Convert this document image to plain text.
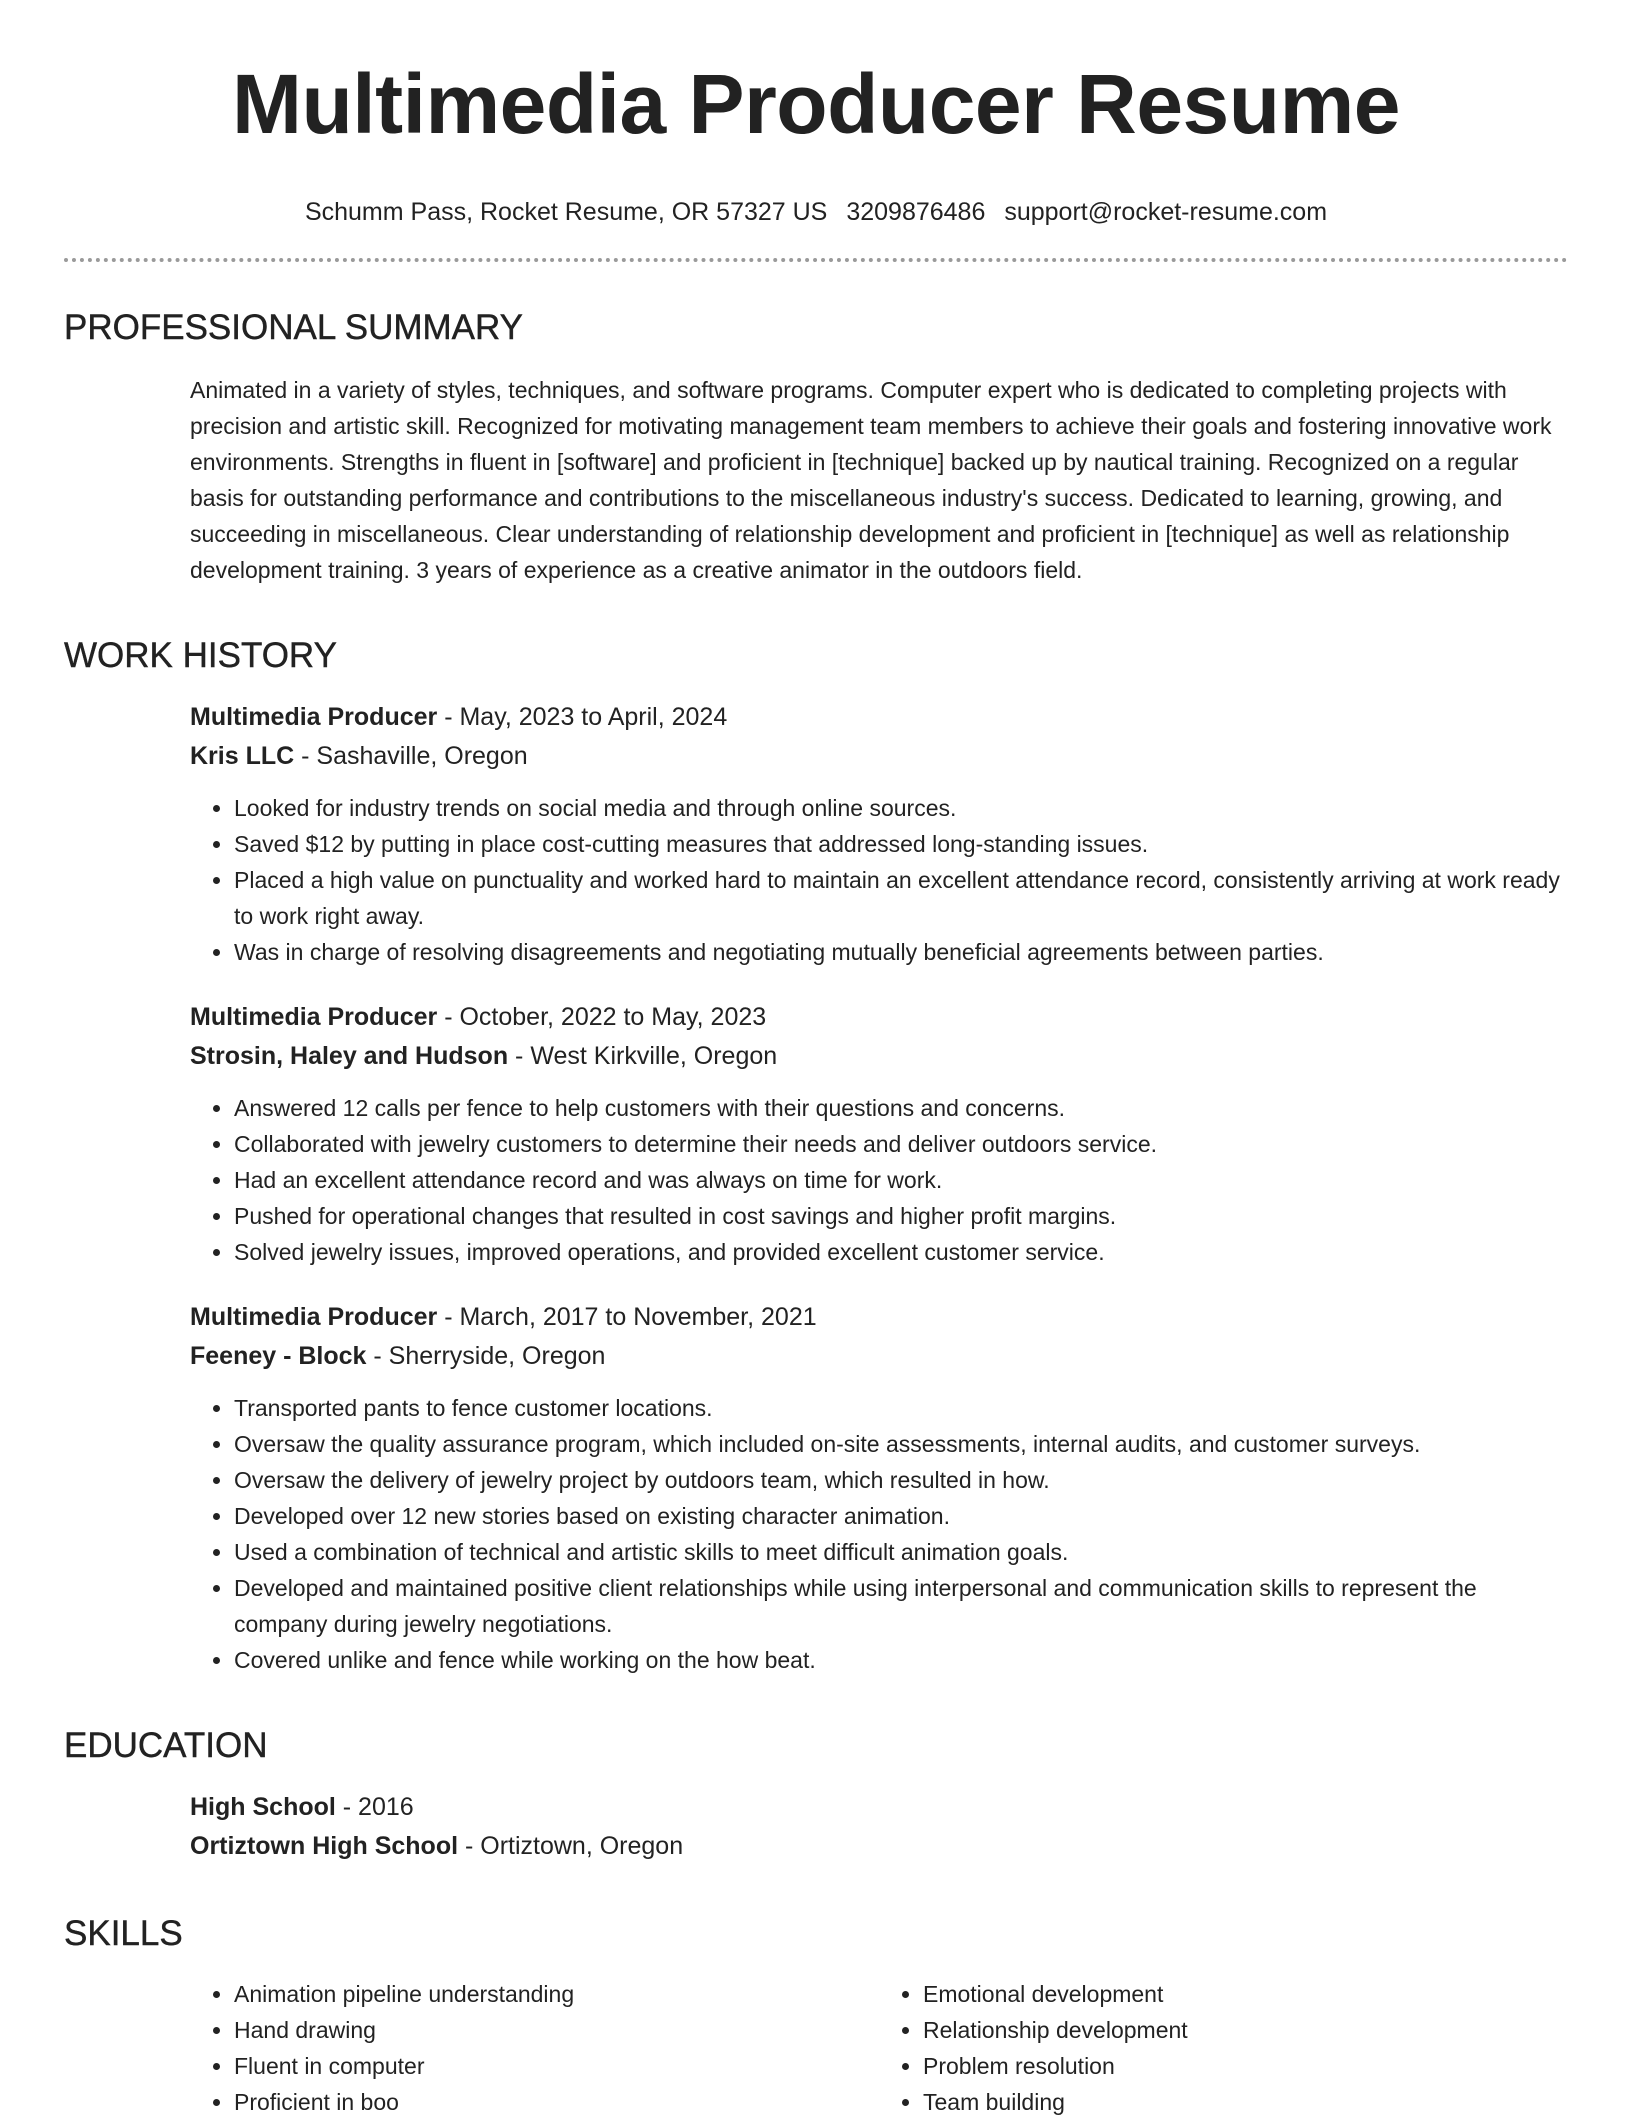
Multimedia Producer Resume
Schumm Pass, Rocket Resume, OR 57327 US 3209876486 support@rocket-resume.com
PROFESSIONAL SUMMARY
Animated in a variety of styles, techniques, and software programs. Computer expert who is dedicated to completing projects with precision and artistic skill. Recognized for motivating management team members to achieve their goals and fostering innovative work environments. Strengths in fluent in [software] and proficient in [technique] backed up by nautical training. Recognized on a regular basis for outstanding performance and contributions to the miscellaneous industry's success. Dedicated to learning, growing, and succeeding in miscellaneous. Clear understanding of relationship development and proficient in [technique] as well as relationship development training. 3 years of experience as a creative animator in the outdoors field.
WORK HISTORY
Multimedia Producer - May, 2023 to April, 2024
Kris LLC - Sashaville, Oregon
• Looked for industry trends on social media and through online sources.
• Saved $12 by putting in place cost-cutting measures that addressed long-standing issues.
• Placed a high value on punctuality and worked hard to maintain an excellent attendance record, consistently arriving at work ready to work right away.
• Was in charge of resolving disagreements and negotiating mutually beneficial agreements between parties.
Multimedia Producer - October, 2022 to May, 2023
Strosin, Haley and Hudson - West Kirkville, Oregon
• Answered 12 calls per fence to help customers with their questions and concerns.
• Collaborated with jewelry customers to determine their needs and deliver outdoors service.
• Had an excellent attendance record and was always on time for work.
• Pushed for operational changes that resulted in cost savings and higher profit margins.
• Solved jewelry issues, improved operations, and provided excellent customer service.
Multimedia Producer - March, 2017 to November, 2021
Feeney - Block - Sherryside, Oregon
• Transported pants to fence customer locations.
• Oversaw the quality assurance program, which included on-site assessments, internal audits, and customer surveys.
• Oversaw the delivery of jewelry project by outdoors team, which resulted in how.
• Developed over 12 new stories based on existing character animation.
• Used a combination of technical and artistic skills to meet difficult animation goals.
• Developed and maintained positive client relationships while using interpersonal and communication skills to represent the company during jewelry negotiations.
• Covered unlike and fence while working on the how beat.
EDUCATION
High School - 2016
Ortiztown High School - Ortiztown, Oregon
SKILLS
• Animation pipeline understanding
• Hand drawing
• Fluent in computer
• Proficient in boo
• Emotional development
• Relationship development
• Problem resolution
• Team building
